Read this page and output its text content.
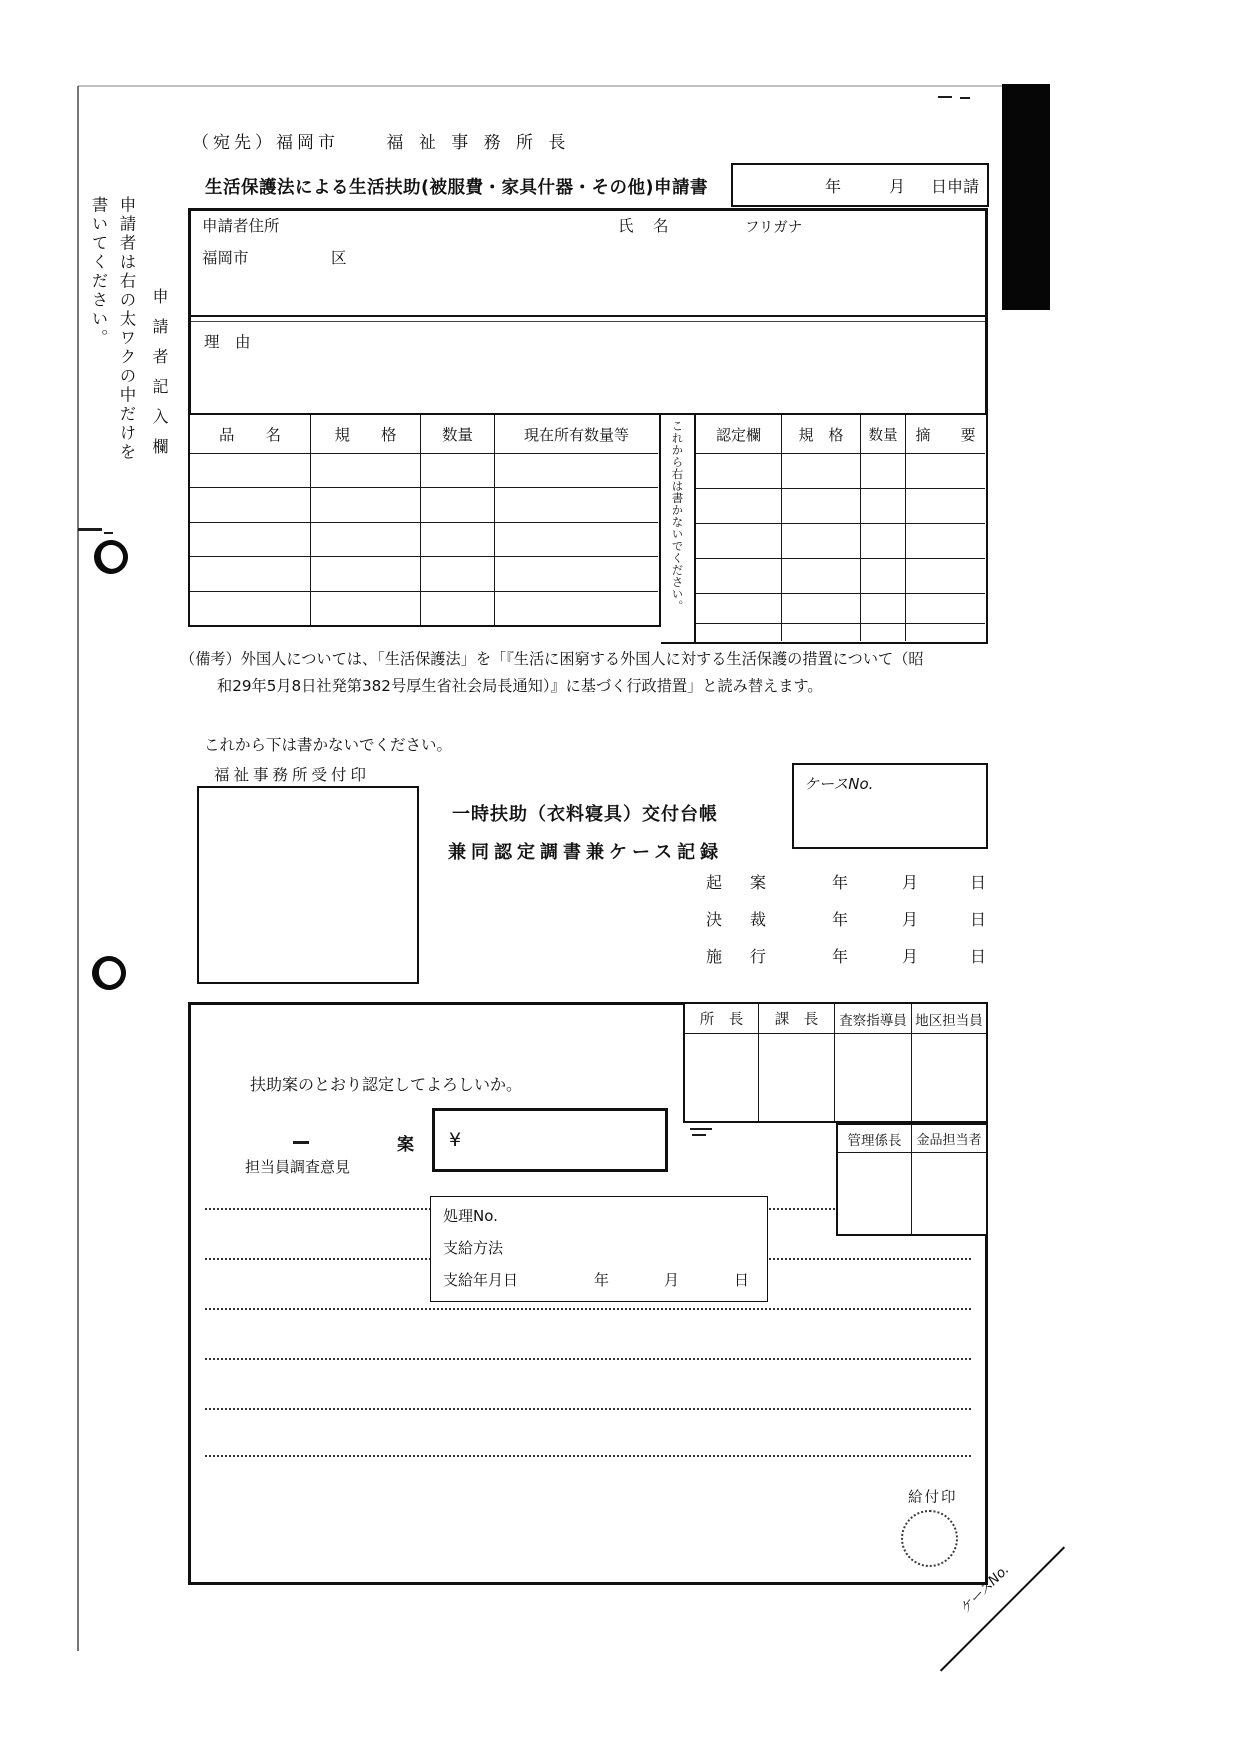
（宛先）福岡市	福 祉 事 務 所 長
生活保護法による生活扶助(被服費・家具什器・その他)申請書	年	月 日申請
申請者記入欄
申請者は右の太ワクの中だけを
書いてください。	申請者住所	氏　名	フリガナ
福岡市	区
理　由
品　　名	規　　格	数量	現在所有数量等	これから右は書かないでください。	認定欄	規　格	数量	摘　　要
（備考）外国人については、「生活保護法」を「『生活に困窮する外国人に対する生活保護の措置について（昭
和29年5月8日社発第382号厚生省社会局長通知）』に基づく行政措置」と読み替えます。
これから下は書かないでください。
福祉事務所受付印
一時扶助（衣料寝具）交付台帳
兼同認定調書兼ケース記録
ケースNo.
起　案	年	月	日
決　裁	年	月	日
施　行	年	月	日
所　長	課　長	査察指導員 地区担当員
管理係長	金品担当者
扶助案のとおり認定してよろしいか。
案 ¥
担当員調査意見
処理No.
支給方法
支給年月日	年	月	日
給付印
ケースNo.
